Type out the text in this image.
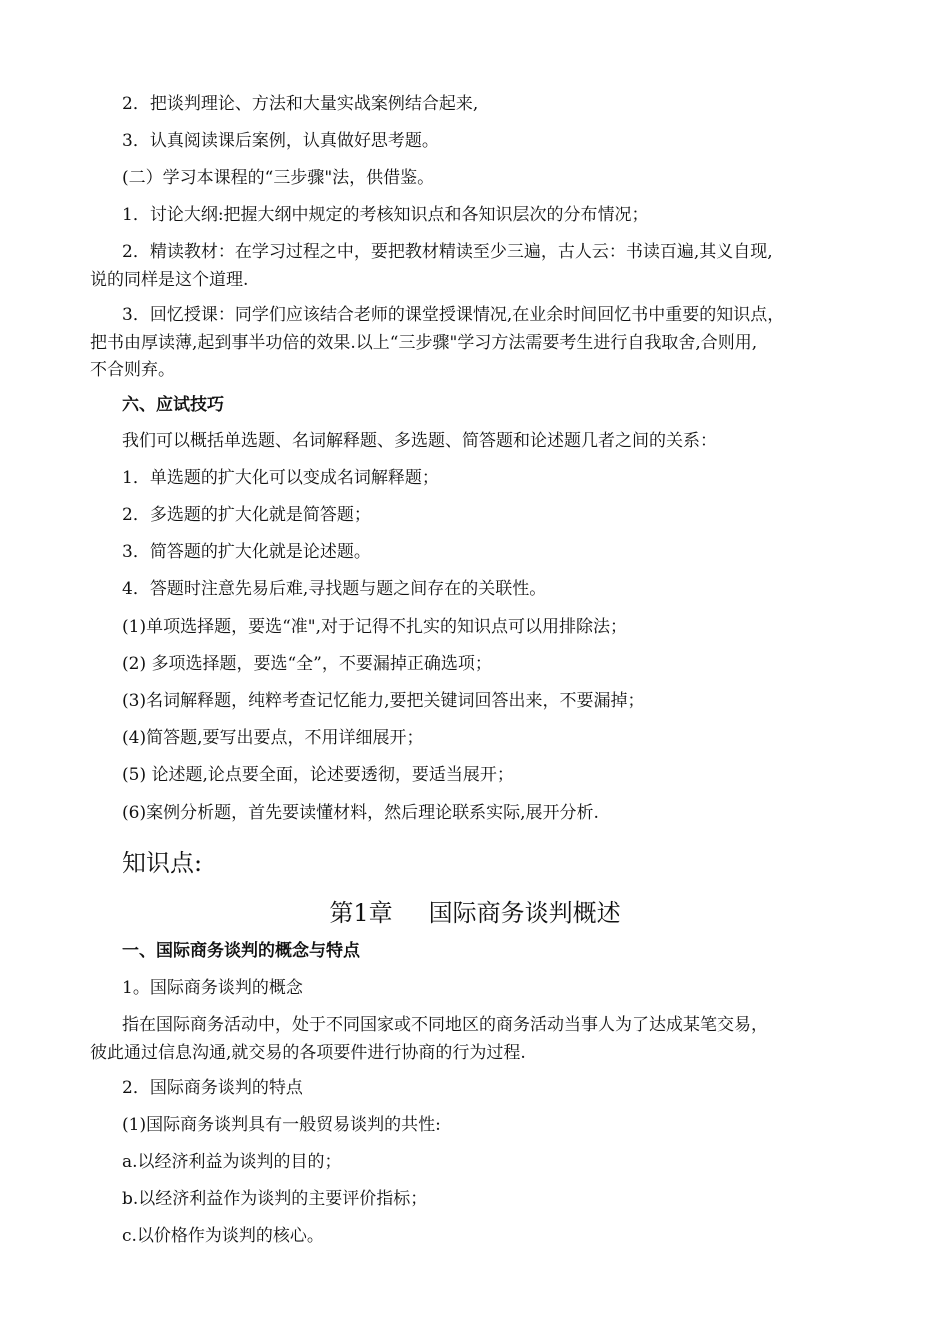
2．把谈判理论、方法和大量实战案例结合起来,
3．认真阅读课后案例，认真做好思考题。
(二）学习本课程的“三步骤"法，供借鉴。
1．讨论大纲:把握大纲中规定的考核知识点和各知识层次的分布情况；
2．精读教材：在学习过程之中，要把教材精读至少三遍，古人云：书读百遍,其义自现,
说的同样是这个道理.
3．回忆授课：同学们应该结合老师的课堂授课情况,在业余时间回忆书中重要的知识点，
把书由厚读薄,起到事半功倍的效果.以上“三步骤"学习方法需要考生进行自我取舍,合则用,
不合则弃。
六、应试技巧
我们可以概括单选题、名词解释题、多选题、简答题和论述题几者之间的关系：
1．单选题的扩大化可以变成名词解释题；
2．多选题的扩大化就是简答题；
3．简答题的扩大化就是论述题。
4．答题时注意先易后难,寻找题与题之间存在的关联性。
(1)单项选择题，要选“准",对于记得不扎实的知识点可以用排除法；
(2) 多项选择题，要选“全”，不要漏掉正确选项；
(3)名词解释题，纯粹考查记忆能力,要把关键词回答出来，不要漏掉；
(4)简答题,要写出要点，不用详细展开；
(5) 论述题,论点要全面，论述要透彻，要适当展开；
(6)案例分析题，首先要读懂材料，然后理论联系实际,展开分析.
知识点:
第1章 国际商务谈判概述
一、国际商务谈判的概念与特点
1。国际商务谈判的概念
指在国际商务活动中，处于不同国家或不同地区的商务活动当事人为了达成某笔交易，
彼此通过信息沟通,就交易的各项要件进行协商的行为过程.
2．国际商务谈判的特点
(1)国际商务谈判具有一般贸易谈判的共性:
a.以经济利益为谈判的目的；
b.以经济利益作为谈判的主要评价指标；
c.以价格作为谈判的核心。
